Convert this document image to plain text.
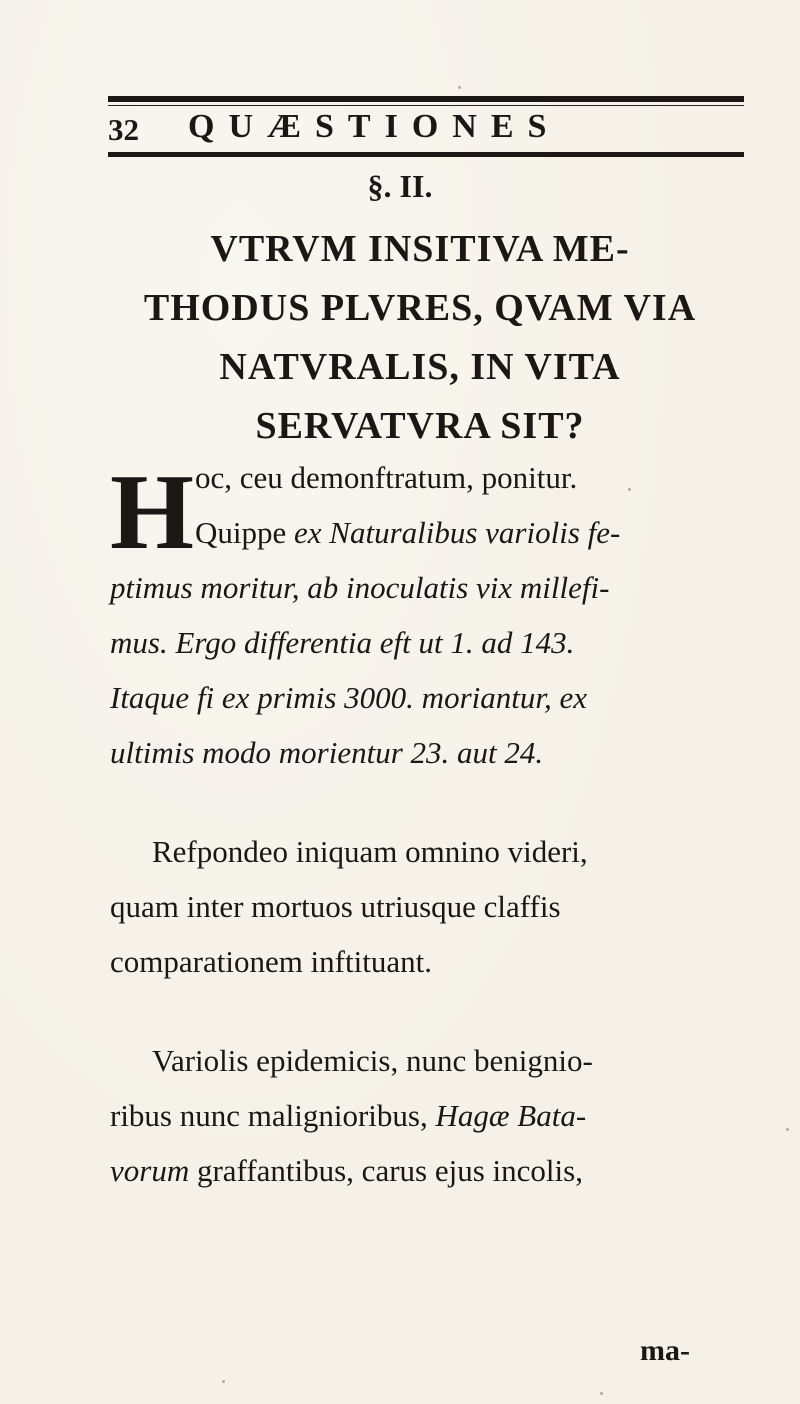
32 QUÆSTIONES
§. II.
VTRVM INSITIVA ME-
THODUS PLVRES, QVAM VIA
NATVRALIS, IN VITA
SERVATVRA SIT?
H oc, ceu demonftratum, ponitur.
Quippe ex Naturalibus variolis fe-
ptimus moritur, ab inoculatis vix millefi-
mus. Ergo differentia eft ut 1. ad 143.
Itaque fi ex primis 3000. moriantur, ex
ultimis modo morientur 23. aut 24.
Refpondeo iniquam omnino videri,
quam inter mortuos utriusque claffis
comparationem inftituant.
Variolis epidemicis, nunc benignio-
ribus nunc malignioribus, Hagæ Bata-
vorum graffantibus, carus ejus incolis,
ma-
